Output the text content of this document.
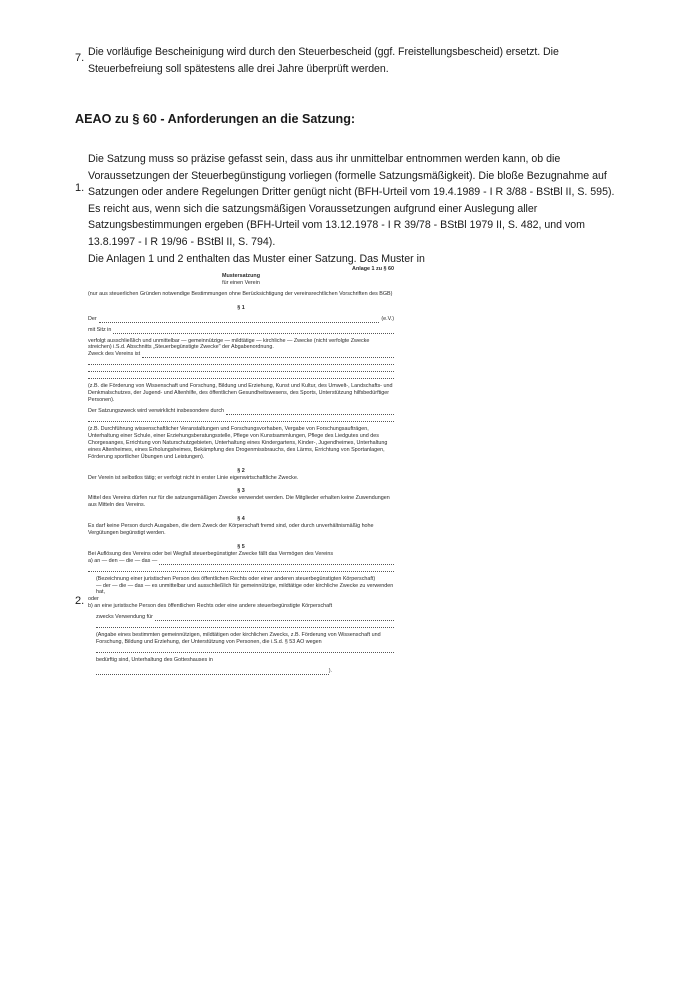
7. Die vorläufige Bescheinigung wird durch den Steuerbescheid (ggf. Freistellungsbescheid) ersetzt. Die Steuerbefreiung soll spätestens alle drei Jahre überprüft werden.
AEAO zu § 60 - Anforderungen an die Satzung:
1.
Die Satzung muss so präzise gefasst sein, dass aus ihr unmittelbar entnommen werden kann, ob die Voraussetzungen der Steuerbegünstigung vorliegen (formelle Satzungsmäßigkeit). Die bloße Bezugnahme auf Satzungen oder andere Regelungen Dritter genügt nicht (BFH-Urteil vom 19.4.1989 - I R 3/88 - BStBl II, S. 595). Es reicht aus, wenn sich die satzungsmäßigen Voraussetzungen aufgrund einer Auslegung aller Satzungsbestimmungen ergeben (BFH-Urteil vom 13.12.1978 - I R 39/78 - BStBl 1979 II, S. 482, und vom 13.8.1997 - I R 19/96 - BStBl II, S. 794).
Die Anlagen 1 und 2 enthalten das Muster einer Satzung. Das Muster in
2.

Anlage 1 zu § 60

Mustersatzung

für einen Verein

(nur aus steuerlichen Gründen notwendige Bestimmungen ohne Berücksichtigung der vereinsrechtlichen Vorschriften des BGB)

§ 1

Der	(e.V.)
mit Sitz in

verfolgt ausschließlich und unmittelbar — gemeinnützige — mildtätige — kirchliche — Zwecke (nicht verfolgte Zwecke streichen) i.S.d. Abschnitts „Steuerbegünstigte Zwecke" der Abgabenordnung.

Zweck des Vereins ist

(z.B. die Förderung von Wissenschaft und Forschung, Bildung und Erziehung, Kunst und Kultur, des Umwelt-, Landschafts- und Denkmalschutzes, der Jugend- und Altenhilfe, des öffentlichen Gesundheitswesens, des Sports, Unterstützung hilfsbedürftiger Personen).

Der Satzungszweck wird verwirklicht insbesondere durch

(z.B. Durchführung wissenschaftlicher Veranstaltungen und Forschungsvorhaben, Vergabe von Forschungsaufträgen, Unterhaltung einer Schule, einer Erziehungsberatungsstelle, Pflege von Kunstsammlungen, Pflege des Liedgutes und des Chorgesanges, Errichtung von Naturschutzgebieten, Unterhaltung eines Kindergartens, Kinder-, Jugendheimes, Unterhaltung eines Altenheimes, eines Erholungsheimes, Bekämpfung des Drogenmissbrauchs, des Lärms, Errichtung von Sportanlagen, Förderung sportlicher Übungen und Leistungen).

§ 2

Der Verein ist selbstlos tätig; er verfolgt nicht in erster Linie eigenwirtschaftliche Zwecke.

§ 3

Mittel des Vereins dürfen nur für die satzungsmäßigen Zwecke verwendet werden. Die Mitglieder erhalten keine Zuwendungen aus Mitteln des Vereins.

§ 4

Es darf keine Person durch Ausgaben, die dem Zweck der Körperschaft fremd sind, oder durch unverhältnismäßig hohe Vergütungen begünstigt werden.

§ 5

Bei Auflösung des Vereins oder bei Wegfall steuerbegünstigter Zwecke fällt das Vermögen des Vereins

a) an — den — die — das —

(Bezeichnung einer juristischen Person des öffentlichen Rechts oder einer anderen steuerbegünstigten Körperschaft)

— der — die — das — es unmittelbar und ausschließlich für gemeinnützige, mildtätige oder kirchliche Zwecke zu verwenden hat,

oder

b) an eine juristische Person des öffentlichen Rechts oder eine andere steuerbegünstigte Körperschaft

zwecks Verwendung für

(Angabe eines bestimmten gemeinnützigen, mildtätigen oder kirchlichen Zwecks, z.B. Förderung von Wissenschaft und Forschung, Bildung und Erziehung, der Unterstützung von Personen, die i.S.d. § 53 AO wegen

bedürftig sind, Unterhaltung des Gotteshauses in

).
